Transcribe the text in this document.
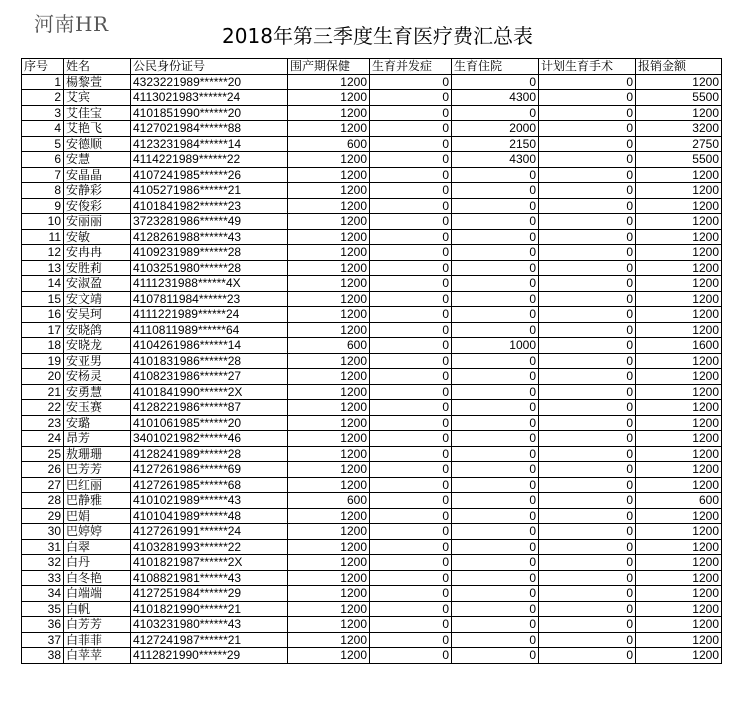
河南HR	2018年第三季度生育医疗费汇总表
序号	姓名	公民身份证号	围产期保健	生育并发症	生育住院	计划生育手术	报销金额
1	楊黎萱	4323221989******20	1200	0	0	0	1200
2	艾宾	4113021983******24	1200	0	4300	0	5500
3	艾佳宝	4101851990******20	1200	0	0	0	1200
4	艾艳飞	4127021984******88	1200	0	2000	0	3200
5	安德顺	4123231984******14	600	0	2150	0	2750
6	安慧	4114221989******22	1200	0	4300	0	5500
7	安晶晶	4107241985******26	1200	0	0	0	1200
8	安静彩	4105271986******21	1200	0	0	0	1200
9	安俊彩	4101841982******23	1200	0	0	0	1200
10	安丽丽	3723281986******49	1200	0	0	0	1200
11	安敏	4128261988******43	1200	0	0	0	1200
12	安冉冉	4109231989******28	1200	0	0	0	1200
13	安胜莉	4103251980******28	1200	0	0	0	1200
14	安淑盈	4111231988******4X	1200	0	0	0	1200
15	安文靖	4107811984******23	1200	0	0	0	1200
16	安吴珂	4111221989******24	1200	0	0	0	1200
17	安晓鸽	4110811989******64	1200	0	0	0	1200
18	安晓龙	4104261986******14	600	0	1000	0	1600
19	安亚男	4101831986******28	1200	0	0	0	1200
20	安杨灵	4108231986******27	1200	0	0	0	1200
21	安勇慧	4101841990******2X	1200	0	0	0	1200
22	安玉赛	4128221986******87	1200	0	0	0	1200
23	安璐	4101061985******20	1200	0	0	0	1200
24	昂芳	3401021982******46	1200	0	0	0	1200
25	敖珊珊	4128241989******28	1200	0	0	0	1200
26	巴芳芳	4127261986******69	1200	0	0	0	1200
27	巴红丽	4127261985******68	1200	0	0	0	1200
28	巴静雅	4101021989******43	600	0	0	0	600
29	巴娟	4101041989******48	1200	0	0	0	1200
30	巴婷婷	4127261991******24	1200	0	0	0	1200
31	白翠	4103281993******22	1200	0	0	0	1200
32	白丹	4101821987******2X	1200	0	0	0	1200
33	白冬艳	4108821981******43	1200	0	0	0	1200
34	白端端	4127251984******29	1200	0	0	0	1200
35	白帆	4101821990******21	1200	0	0	0	1200
36	白芳芳	4103231980******43	1200	0	0	0	1200
37	白菲菲	4127241987******21	1200	0	0	0	1200
38	白苹苹	4112821990******29	1200	0	0	0	1200
